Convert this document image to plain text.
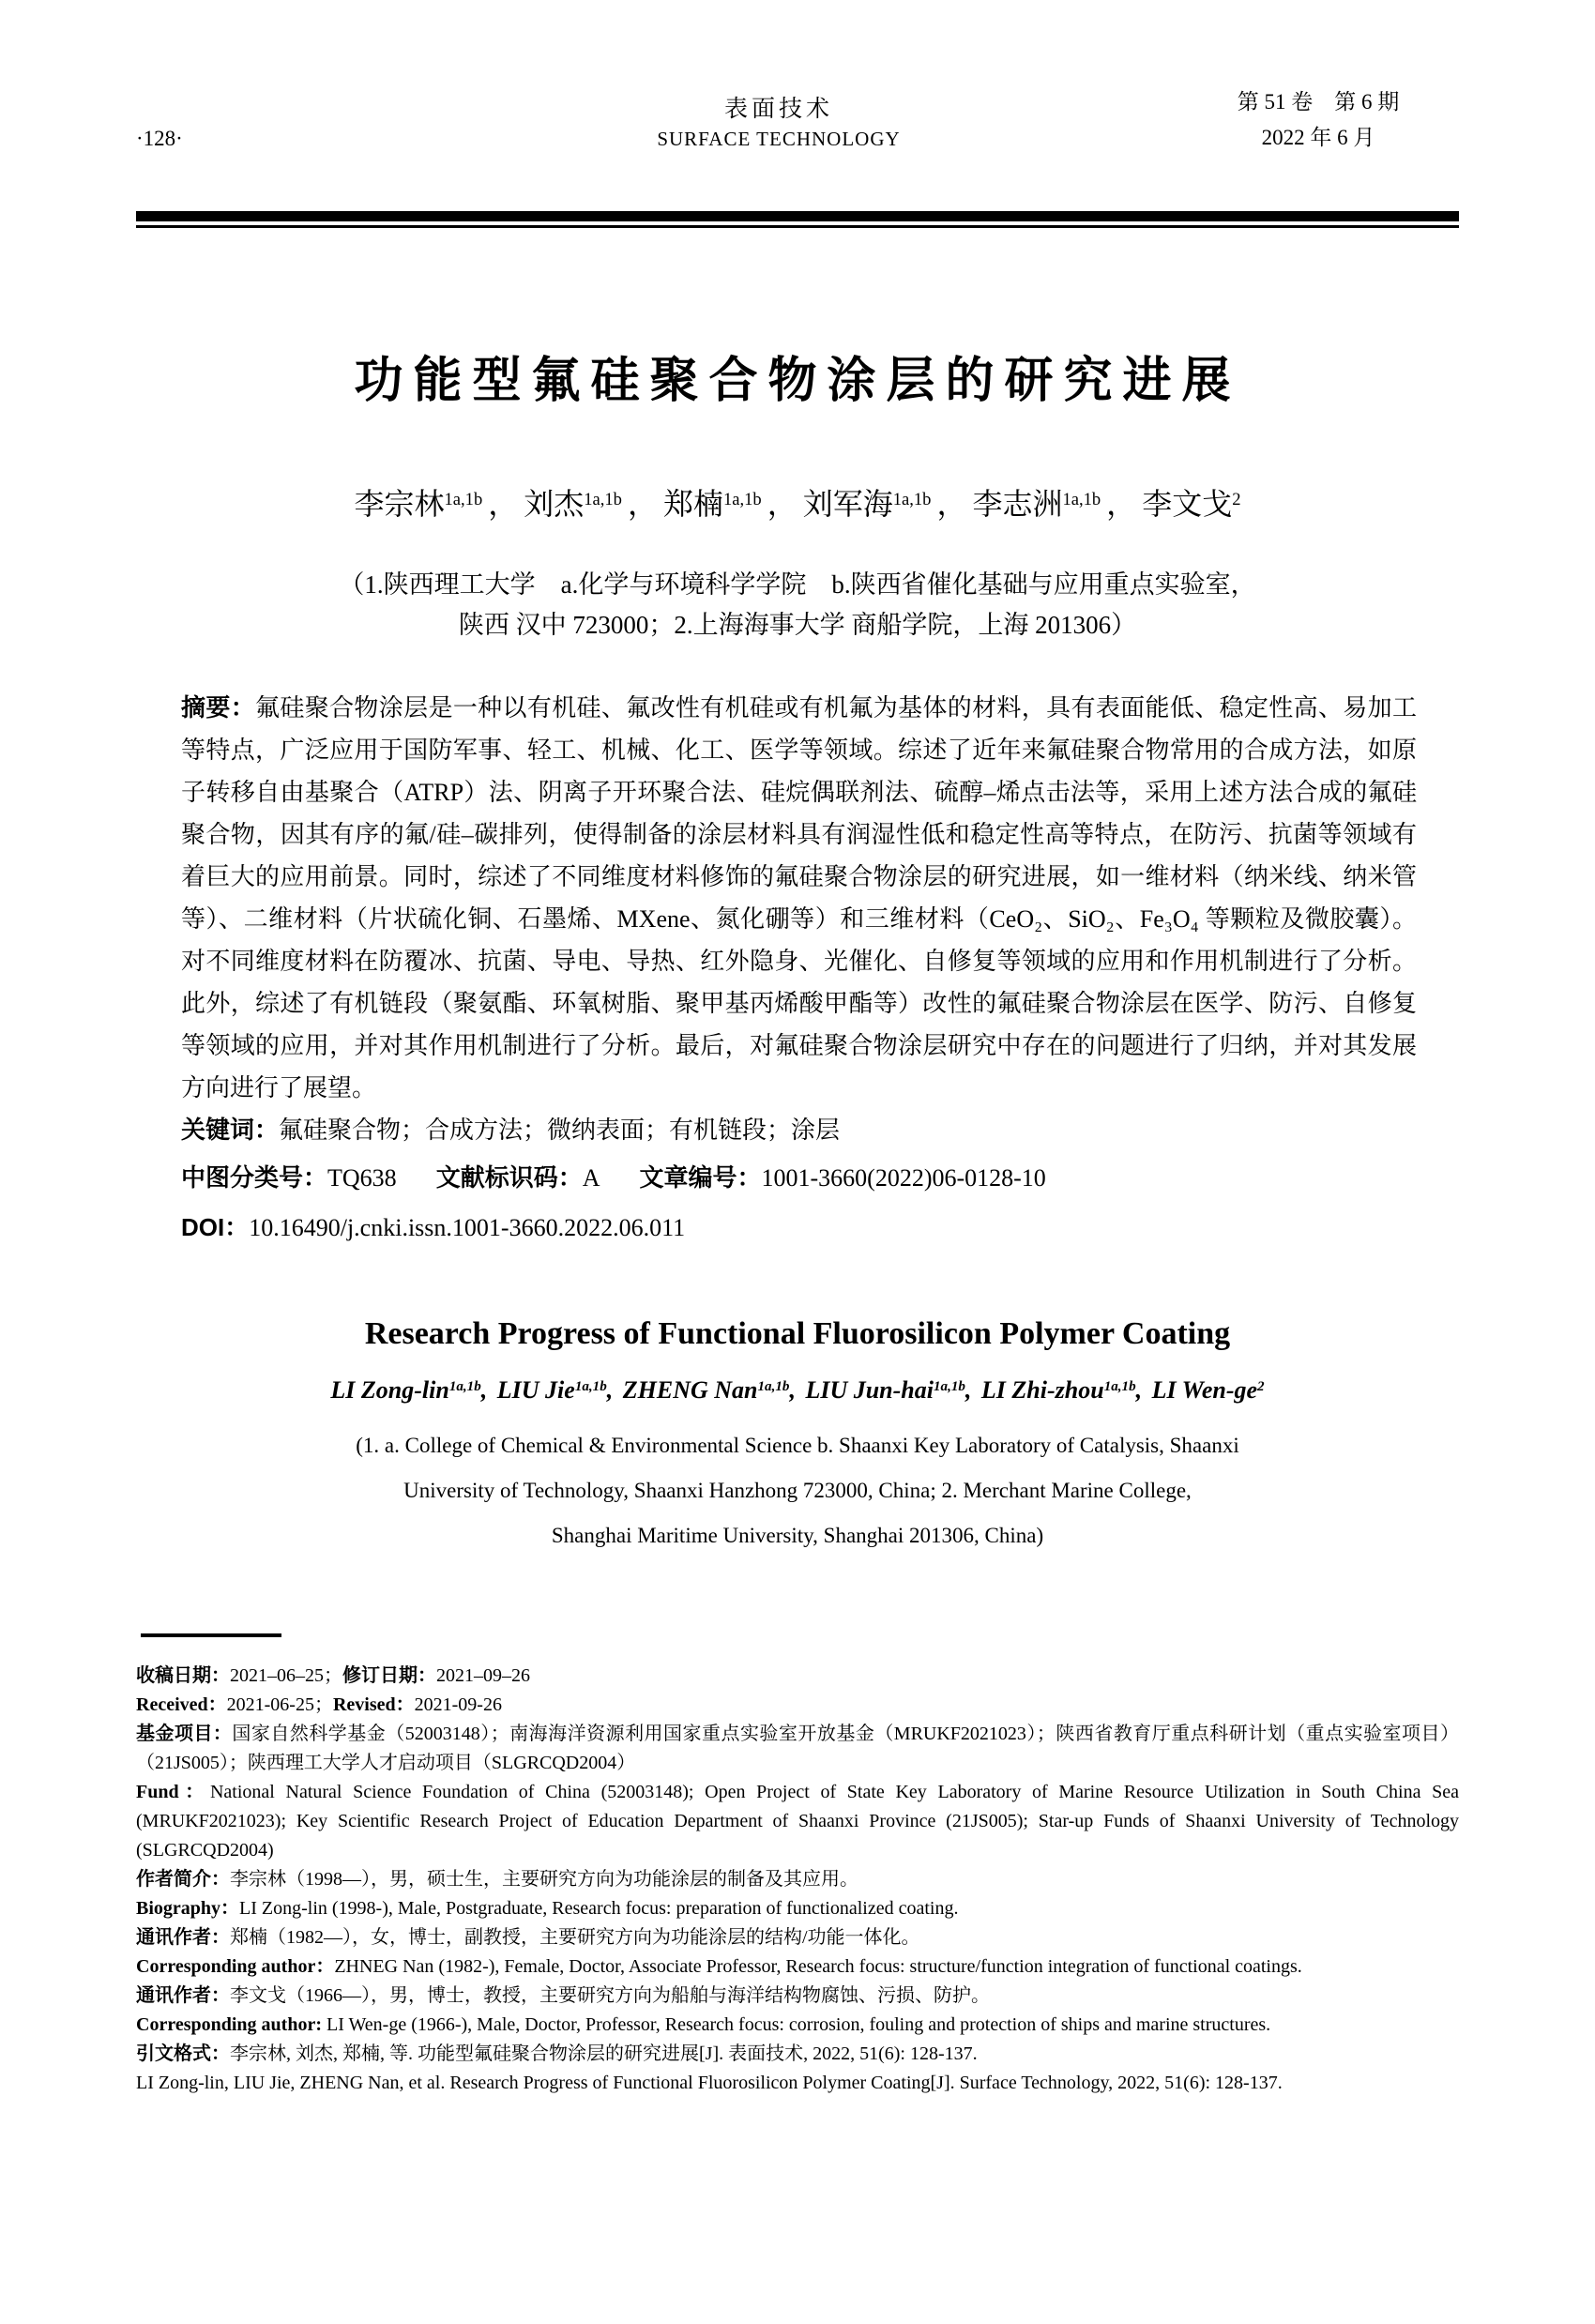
·128·
表面技术
SURFACE TECHNOLOGY
第 51 卷　第 6 期
2022 年 6 月
功能型氟硅聚合物涂层的研究进展
李宗林$^{1a,1b}$ ， 刘杰$^{1a,1b}$ ， 郑楠$^{1a,1b}$ ， 刘军海$^{1a,1b}$ ， 李志洲$^{1a,1b}$ ， 李文戈$^2$
（1.陕西理工大学　a.化学与环境科学学院　b.陕西省催化基础与应用重点实验室，
陕西 汉中 723000；2.上海海事大学 商船学院，上海 201306）

摘要：氟硅聚合物涂层是一种以有机硅、氟改性有机硅或有机氟为基体的材料，具有表面能低、稳定性高、易加工等特点，广泛应用于国防军事、轻工、机械、化工、医学等领域。综述了近年来氟硅聚合物常用的合成方法，如原子转移自由基聚合（ATRP）法、阴离子开环聚合法、硅烷偶联剂法、硫醇–烯点击法等，采用上述方法合成的氟硅聚合物，因其有序的氟/硅–碳排列，使得制备的涂层材料具有润湿性低和稳定性高等特点，在防污、抗菌等领域有着巨大的应用前景。同时，综述了不同维度材料修饰的氟硅聚合物涂层的研究进展，如一维材料（纳米线、纳米管等）、二维材料（片状硫化铜、石墨烯、MXene、氮化硼等）和三维材料（CeO₂、SiO₂、Fe₃O₄ 等颗粒及微胶囊）。对不同维度材料在防覆冰、抗菌、导电、导热、红外隐身、光催化、自修复等领域的应用和作用机制进行了分析。此外，综述了有机链段（聚氨酯、环氧树脂、聚甲基丙烯酸甲酯等）改性的氟硅聚合物涂层在医学、防污、自修复等领域的应用，并对其作用机制进行了分析。最后，对氟硅聚合物涂层研究中存在的问题进行了归纳，并对其发展方向进行了展望。

关键词：氟硅聚合物；合成方法；微纳表面；有机链段；涂层

中图分类号：TQ638 文献标识码：A 文章编号：1001-3660(2022)06-0128-10

DOI：10.16490/j.cnki.issn.1001-3660.2022.06.011

Research Progress of Functional Fluorosilicon Polymer Coating
LI Zong-lin$^{1a,1b}$, LIU Jie$^{1a,1b}$, ZHENG Nan$^{1a,1b}$, LIU Jun-hai$^{1a,1b}$, LI Zhi-zhou$^{1a,1b}$, LI Wen-$ge^2$
(1. a. College of Chemical & Environmental Science b. Shaanxi Key Laboratory of Catalysis, Shaanxi
University of Technology, Shaanxi Hanzhong 723000, China; 2. Merchant Marine College,
Shanghai Maritime University, Shanghai 201306, China)

收稿日期：2021–06–25；修订日期：2021–09–26

Received：2021-06-25；Revised：2021-09-26

基金项目：国家自然科学基金（52003148）；南海海洋资源利用国家重点实验室开放基金（MRUKF2021023）；陕西省教育厅重点科研计划（重点实验室项目）（21JS005）；陕西理工大学人才启动项目（SLGRCQD2004）

Fund：National Natural Science Foundation of China (52003148); Open Project of State Key Laboratory of Marine Resource Utilization in South China Sea (MRUKF2021023); Key Scientific Research Project of Education Department of Shaanxi Province (21JS005); Star-up Funds of Shaanxi University of Technology (SLGRCQD2004)

作者简介：李宗林（1998—），男，硕士生，主要研究方向为功能涂层的制备及其应用。

Biography：LI Zong-lin (1998-), Male, Postgraduate, Research focus: preparation of functionalized coating.

通讯作者：郑楠（1982—），女，博士，副教授，主要研究方向为功能涂层的结构/功能一体化。

Corresponding author：ZHNEG Nan (1982-), Female, Doctor, Associate Professor, Research focus: structure/function integration of functional coatings.

通讯作者：李文戈（1966—），男，博士，教授，主要研究方向为船舶与海洋结构物腐蚀、污损、防护。

Corresponding author: LI Wen-ge (1966-), Male, Doctor, Professor, Research focus: corrosion, fouling and protection of ships and marine structures.

引文格式：李宗林, 刘杰, 郑楠, 等. 功能型氟硅聚合物涂层的研究进展[J]. 表面技术, 2022, 51(6): 128-137.

LI Zong-lin, LIU Jie, ZHENG Nan, et al. Research Progress of Functional Fluorosilicon Polymer Coating[J]. Surface Technology, 2022, 51(6): 128-137.
